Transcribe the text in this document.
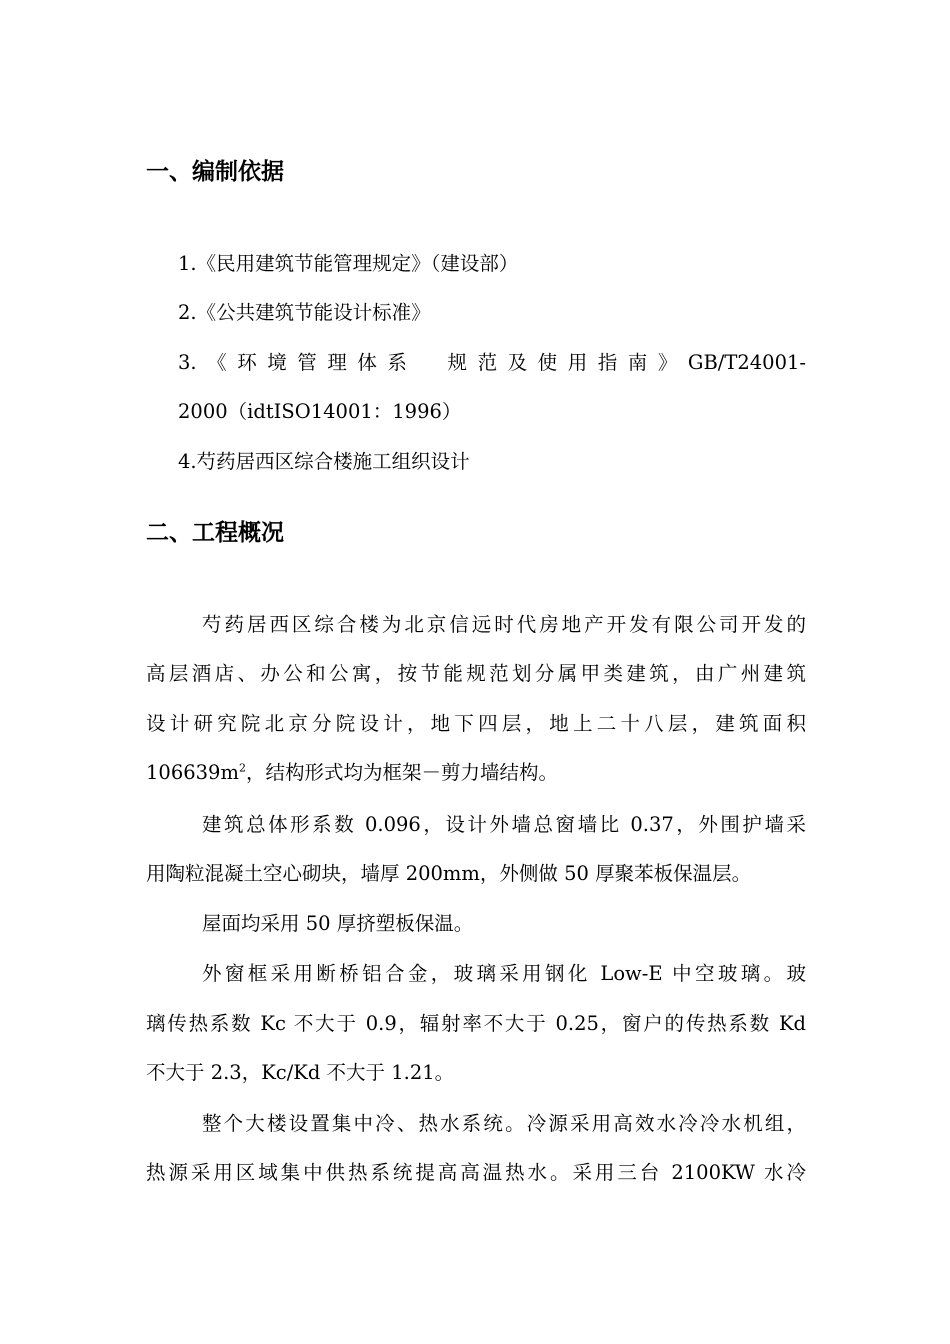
一、编制依据
1.《民用建筑节能管理规定》（建设部）
2.《公共建筑节能设计标准》
3.《环境管理体系　规范及使用指南》GB/T24001-
2000（idtISO14001：1996）
4.芍药居西区综合楼施工组织设计
二、工程概况
芍药居西区综合楼为北京信远时代房地产开发有限公司开发的
高层酒店、办公和公寓，按节能规范划分属甲类建筑，由广州建筑
设计研究院北京分院设计，地下四层，地上二十八层，建筑面积
$106639m^2$，结构形式均为框架－剪力墙结构。
建筑总体形系数 0.096，设计外墙总窗墙比 0.37，外围护墙采
用陶粒混凝土空心砌块，墙厚 200mm，外侧做 50 厚聚苯板保温层。
屋面均采用 50 厚挤塑板保温。
外窗框采用断桥铝合金，玻璃采用钢化 Low-E 中空玻璃。玻
璃传热系数 Kc 不大于 0.9，辐射率不大于 0.25，窗户的传热系数 Kd
不大于 2.3，Kc/Kd 不大于 1.21。
整个大楼设置集中冷、热水系统。冷源采用高效水冷冷水机组，
热源采用区域集中供热系统提高高温热水。采用三台 2100KW 水冷
